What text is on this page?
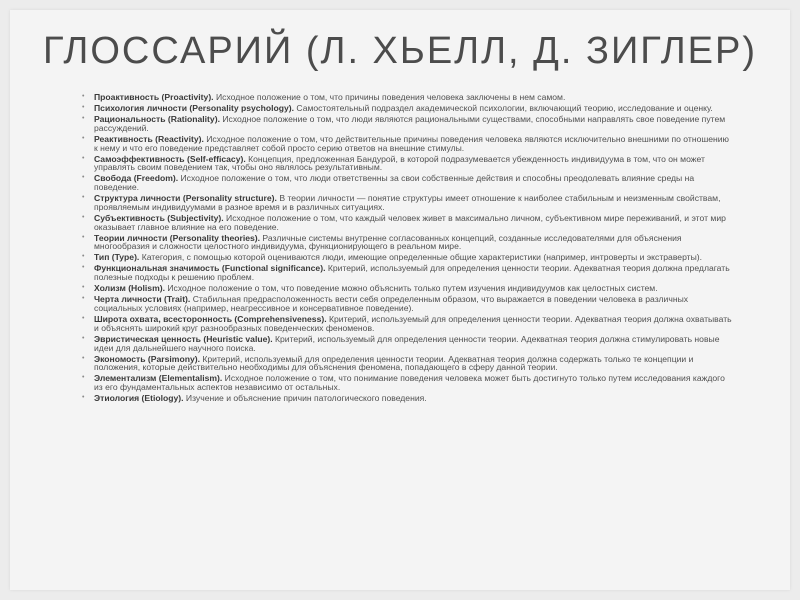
ГЛОССАРИЙ (Л. ХЬЕЛЛ, Д. ЗИГЛЕР)
• Проактивность (Proactivity). Исходное положение о том, что причины поведения человека заключены в нем самом.
• Психология личности (Personality psychology). Самостоятельный подраздел академической психологии, включающий теорию, исследование и оценку.
• Рациональность (Rationality). Исходное положение о том, что люди являются рациональными существами, способными направлять свое поведение путем рассуждений.
• Реактивность (Reactivity). Исходное положение о том, что действительные причины поведения человека являются исключительно внешними по отношению к нему и что его поведение представляет собой просто серию ответов на внешние стимулы.
• Самоэффективность (Self-efficacy). Концепция, предложенная Бандурой, в которой подразумевается убежденность индивидуума в том, что он может управлять своим поведением так, чтобы оно являлось результативным.
• Свобода (Freedom). Исходное положение о том, что люди ответственны за свои собственные действия и способны преодолевать влияние среды на поведение.
• Структура личности (Personality structure). В теории личности — понятие структуры имеет отношение к наиболее стабильным и неизменным свойствам, проявляемым индивидуумами в разное время и в различных ситуациях.
• Субъективность (Subjectivity). Исходное положение о том, что каждый человек живет в максимально личном, субъективном мире переживаний, и этот мир оказывает главное влияние на его поведение.
• Теории личности (Personality theories). Различные системы внутренне согласованных концепций, созданные исследователями для объяснения многообразия и сложности целостного индивидуума, функционирующего в реальном мире.
• Тип (Type). Категория, с помощью которой оцениваются люди, имеющие определенные общие характеристики (например, интроверты и экстраверты).
• Функциональная значимость (Functional significance). Критерий, используемый для определения ценности теории. Адекватная теория должна предлагать полезные подходы к решению проблем.
• Холизм (Holism). Исходное положение о том, что поведение можно объяснить только путем изучения индивидуумов как целостных систем.
• Черта личности (Trait). Стабильная предрасположенность вести себя определенным образом, что выражается в поведении человека в различных социальных условиях (например, неагрессивное и консервативное поведение).
• Широта охвата, всесторонность (Comprehensiveness). Критерий, используемый для определения ценности теории. Адекватная теория должна охватывать и объяснять широкий круг разнообразных поведенческих феноменов.
• Эвристическая ценность (Heuristic value). Критерий, используемый для определения ценности теории. Адекватная теория должна стимулировать новые идеи для дальнейшего научного поиска.
• Экономость (Parsimony). Критерий, используемый для определения ценности теории. Адекватная теория должна содержать только те концепции и положения, которые действительно необходимы для объяснения феномена, попадающего в сферу данной теории.
• Элементализм (Elementalism). Исходное положение о том, что понимание поведения человека может быть достигнуто только путем исследования каждого из его фундаментальных аспектов независимо от остальных.
• Этиология (Etiology). Изучение и объяснение причин патологического поведения.
